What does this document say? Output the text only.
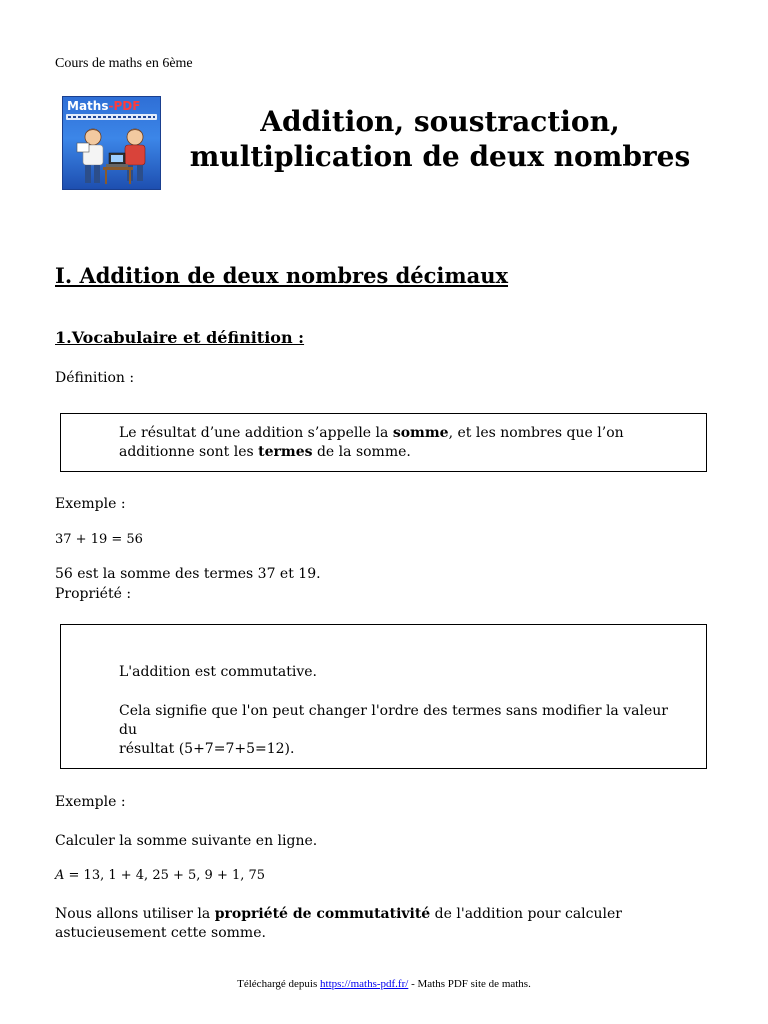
Cours de maths en 6ème
Maths-PDF	Addition, soustraction,
multiplication de deux nombres
I. Addition de deux nombres décimaux
1.Vocabulaire et définition :
Définition :
Le résultat d’une addition s’appelle la somme, et les nombres que l’on
additionne sont les termes de la somme.
Exemple :
37 + 19 = 56
56 est la somme des termes 37 et 19.
Propriété :
L'addition est commutative.
Cela signifie que l'on peut changer l'ordre des termes sans modifier la valeur du
résultat (5+7=7+5=12).
Exemple :
Calculer la somme suivante en ligne.
A = 13, 1 + 4, 25 + 5, 9 + 1, 75
Nous allons utiliser la propriété de commutativité de l'addition pour calculer
astucieusement cette somme.
Téléchargé depuis https://maths-pdf.fr/ - Maths PDF site de maths.
